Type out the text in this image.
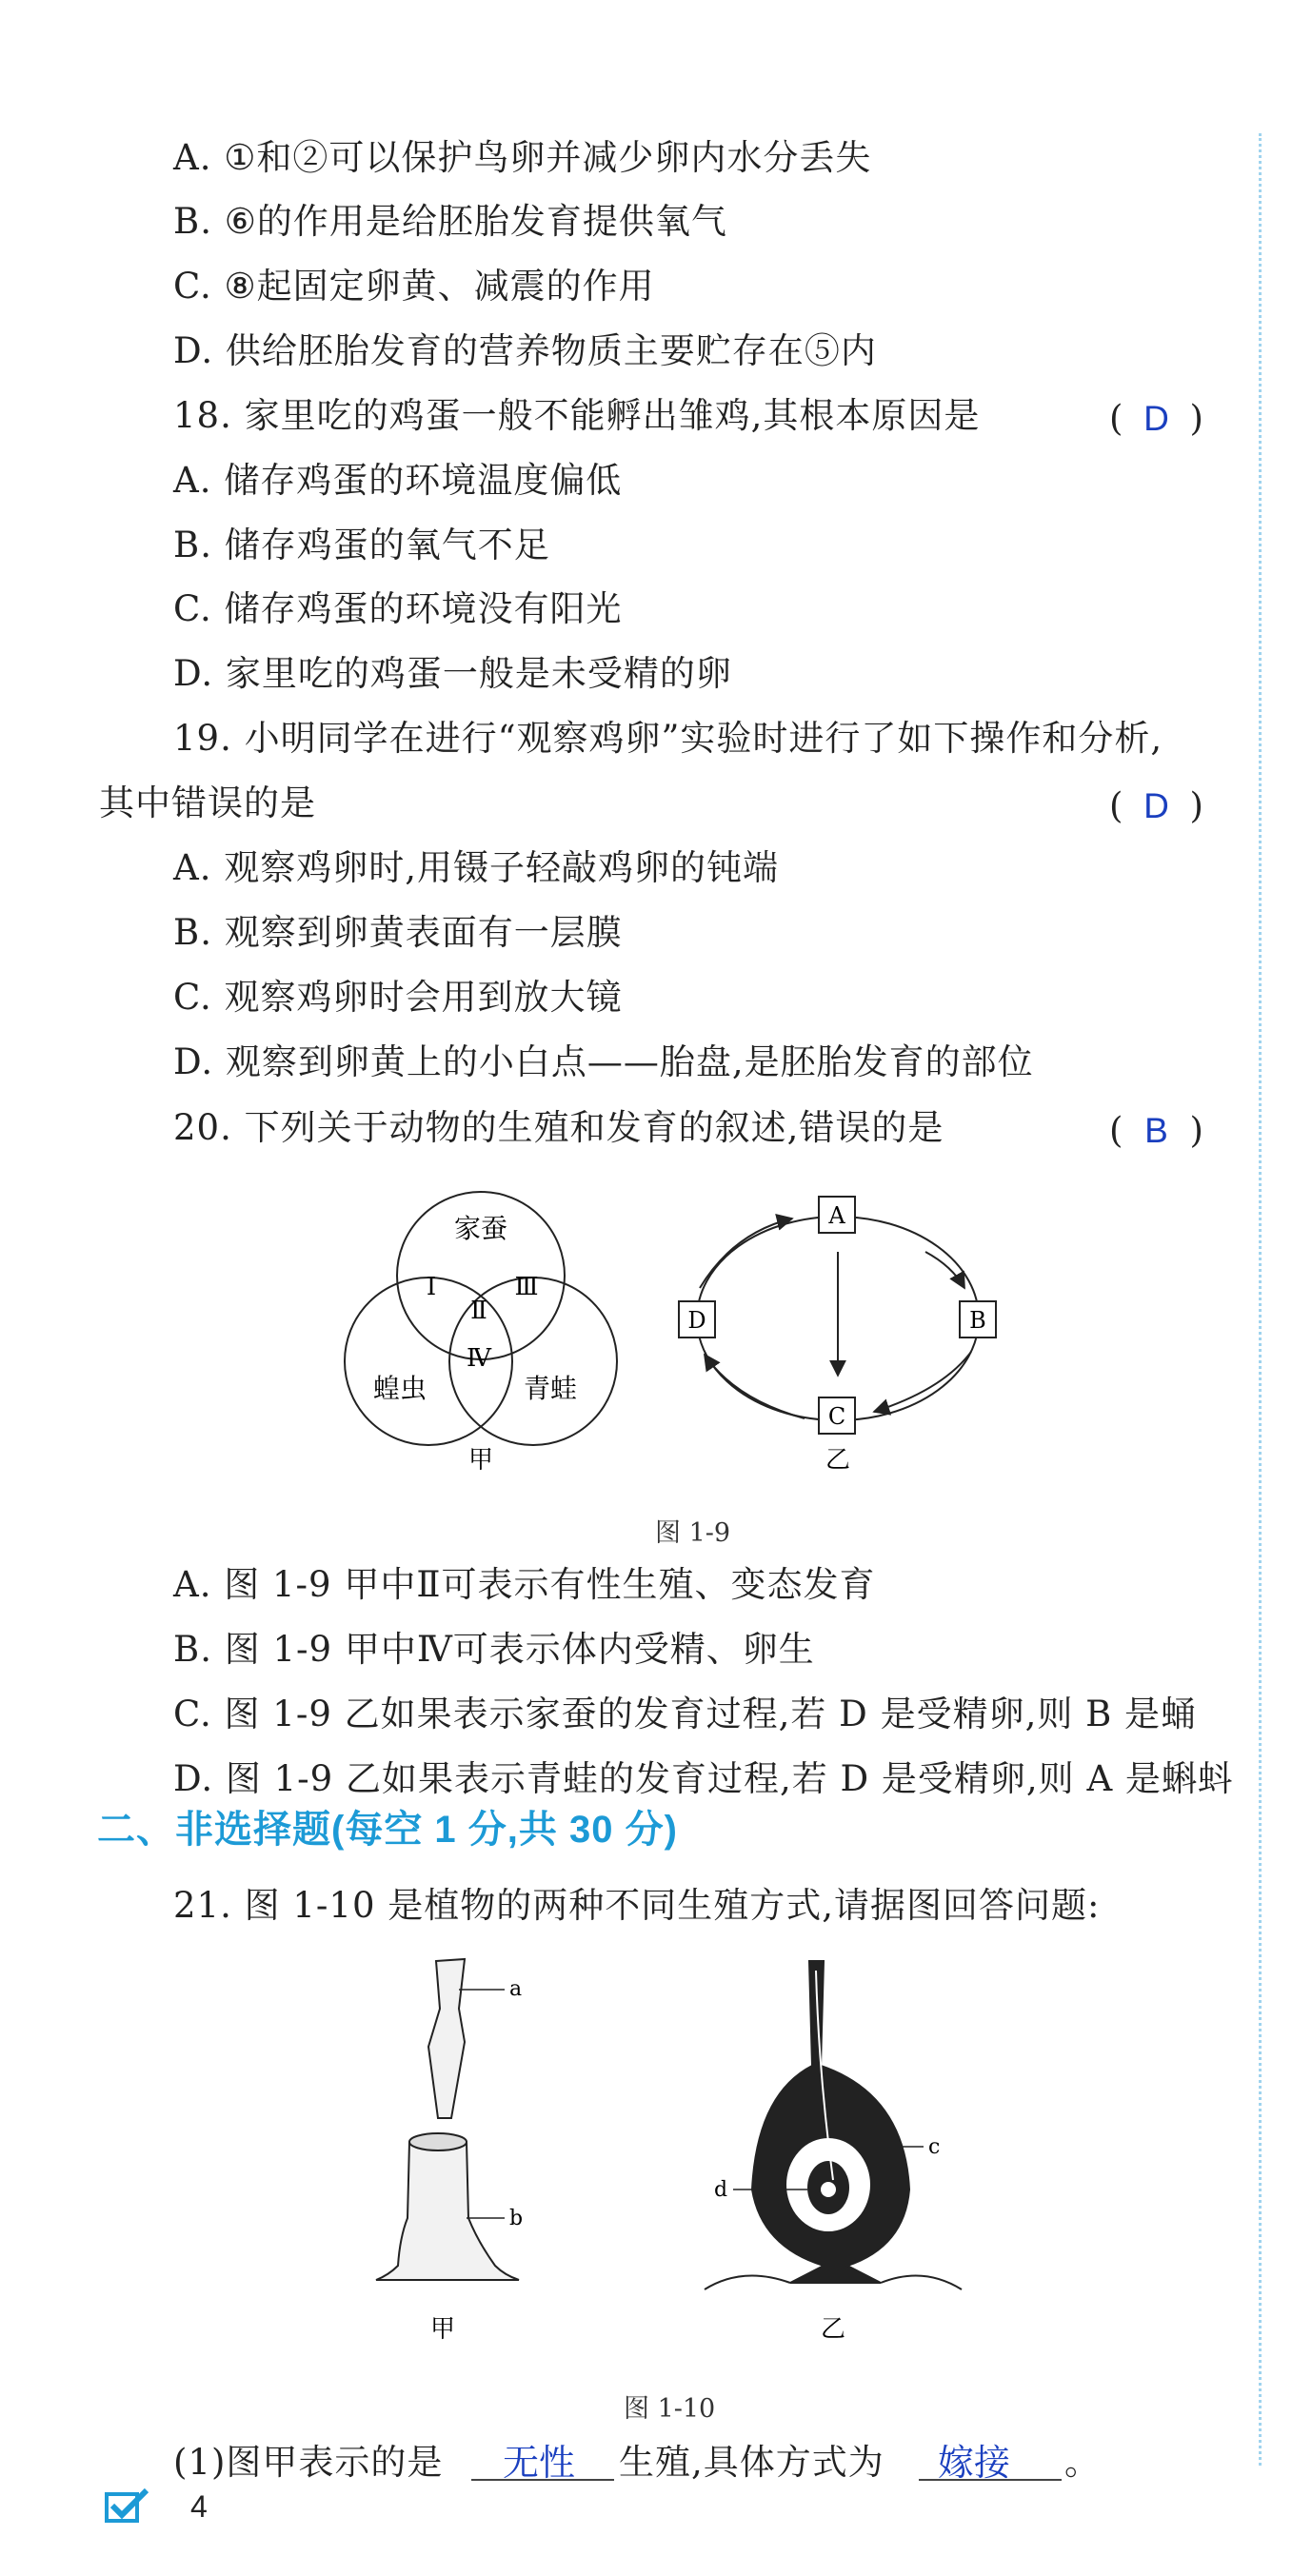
A. ①和②可以保护鸟卵并减少卵内水分丢失
B. ⑥的作用是给胚胎发育提供氧气
C. ⑧起固定卵黄、减震的作用
D. 供给胚胎发育的营养物质主要贮存在⑤内
18. 家里吃的鸡蛋一般不能孵出雏鸡,其根本原因是	( D )
A. 储存鸡蛋的环境温度偏低
B. 储存鸡蛋的氧气不足
C. 储存鸡蛋的环境没有阳光
D. 家里吃的鸡蛋一般是未受精的卵
19. 小明同学在进行“观察鸡卵”实验时进行了如下操作和分析,
其中错误的是	( D )
A. 观察鸡卵时,用镊子轻敲鸡卵的钝端
B. 观察到卵黄表面有一层膜
C. 观察鸡卵时会用到放大镜
D. 观察到卵黄上的小白点——胎盘,是胚胎发育的部位
20. 下列关于动物的生殖和发育的叙述,错误的是	( B )
家蚕
蝗虫	青蛙
Ⅰ
Ⅱ
Ⅲ
Ⅳ
甲
A
B
C
D
乙
图 1-9
A. 图 1-9 甲中Ⅱ可表示有性生殖、变态发育
B. 图 1-9 甲中Ⅳ可表示体内受精、卵生
C. 图 1-9 乙如果表示家蚕的发育过程,若 D 是受精卵,则 B 是蛹
D. 图 1-9 乙如果表示青蛙的发育过程,若 D 是受精卵,则 A 是蝌蚪
二、非选择题(每空 1 分,共 30 分)
21. 图 1-10 是植物的两种不同生殖方式,请据图回答问题:
a
b
甲
c
d
乙
图 1-10
(1)图甲表示的是 无性 生殖,具体方式为 嫁接 。
4
